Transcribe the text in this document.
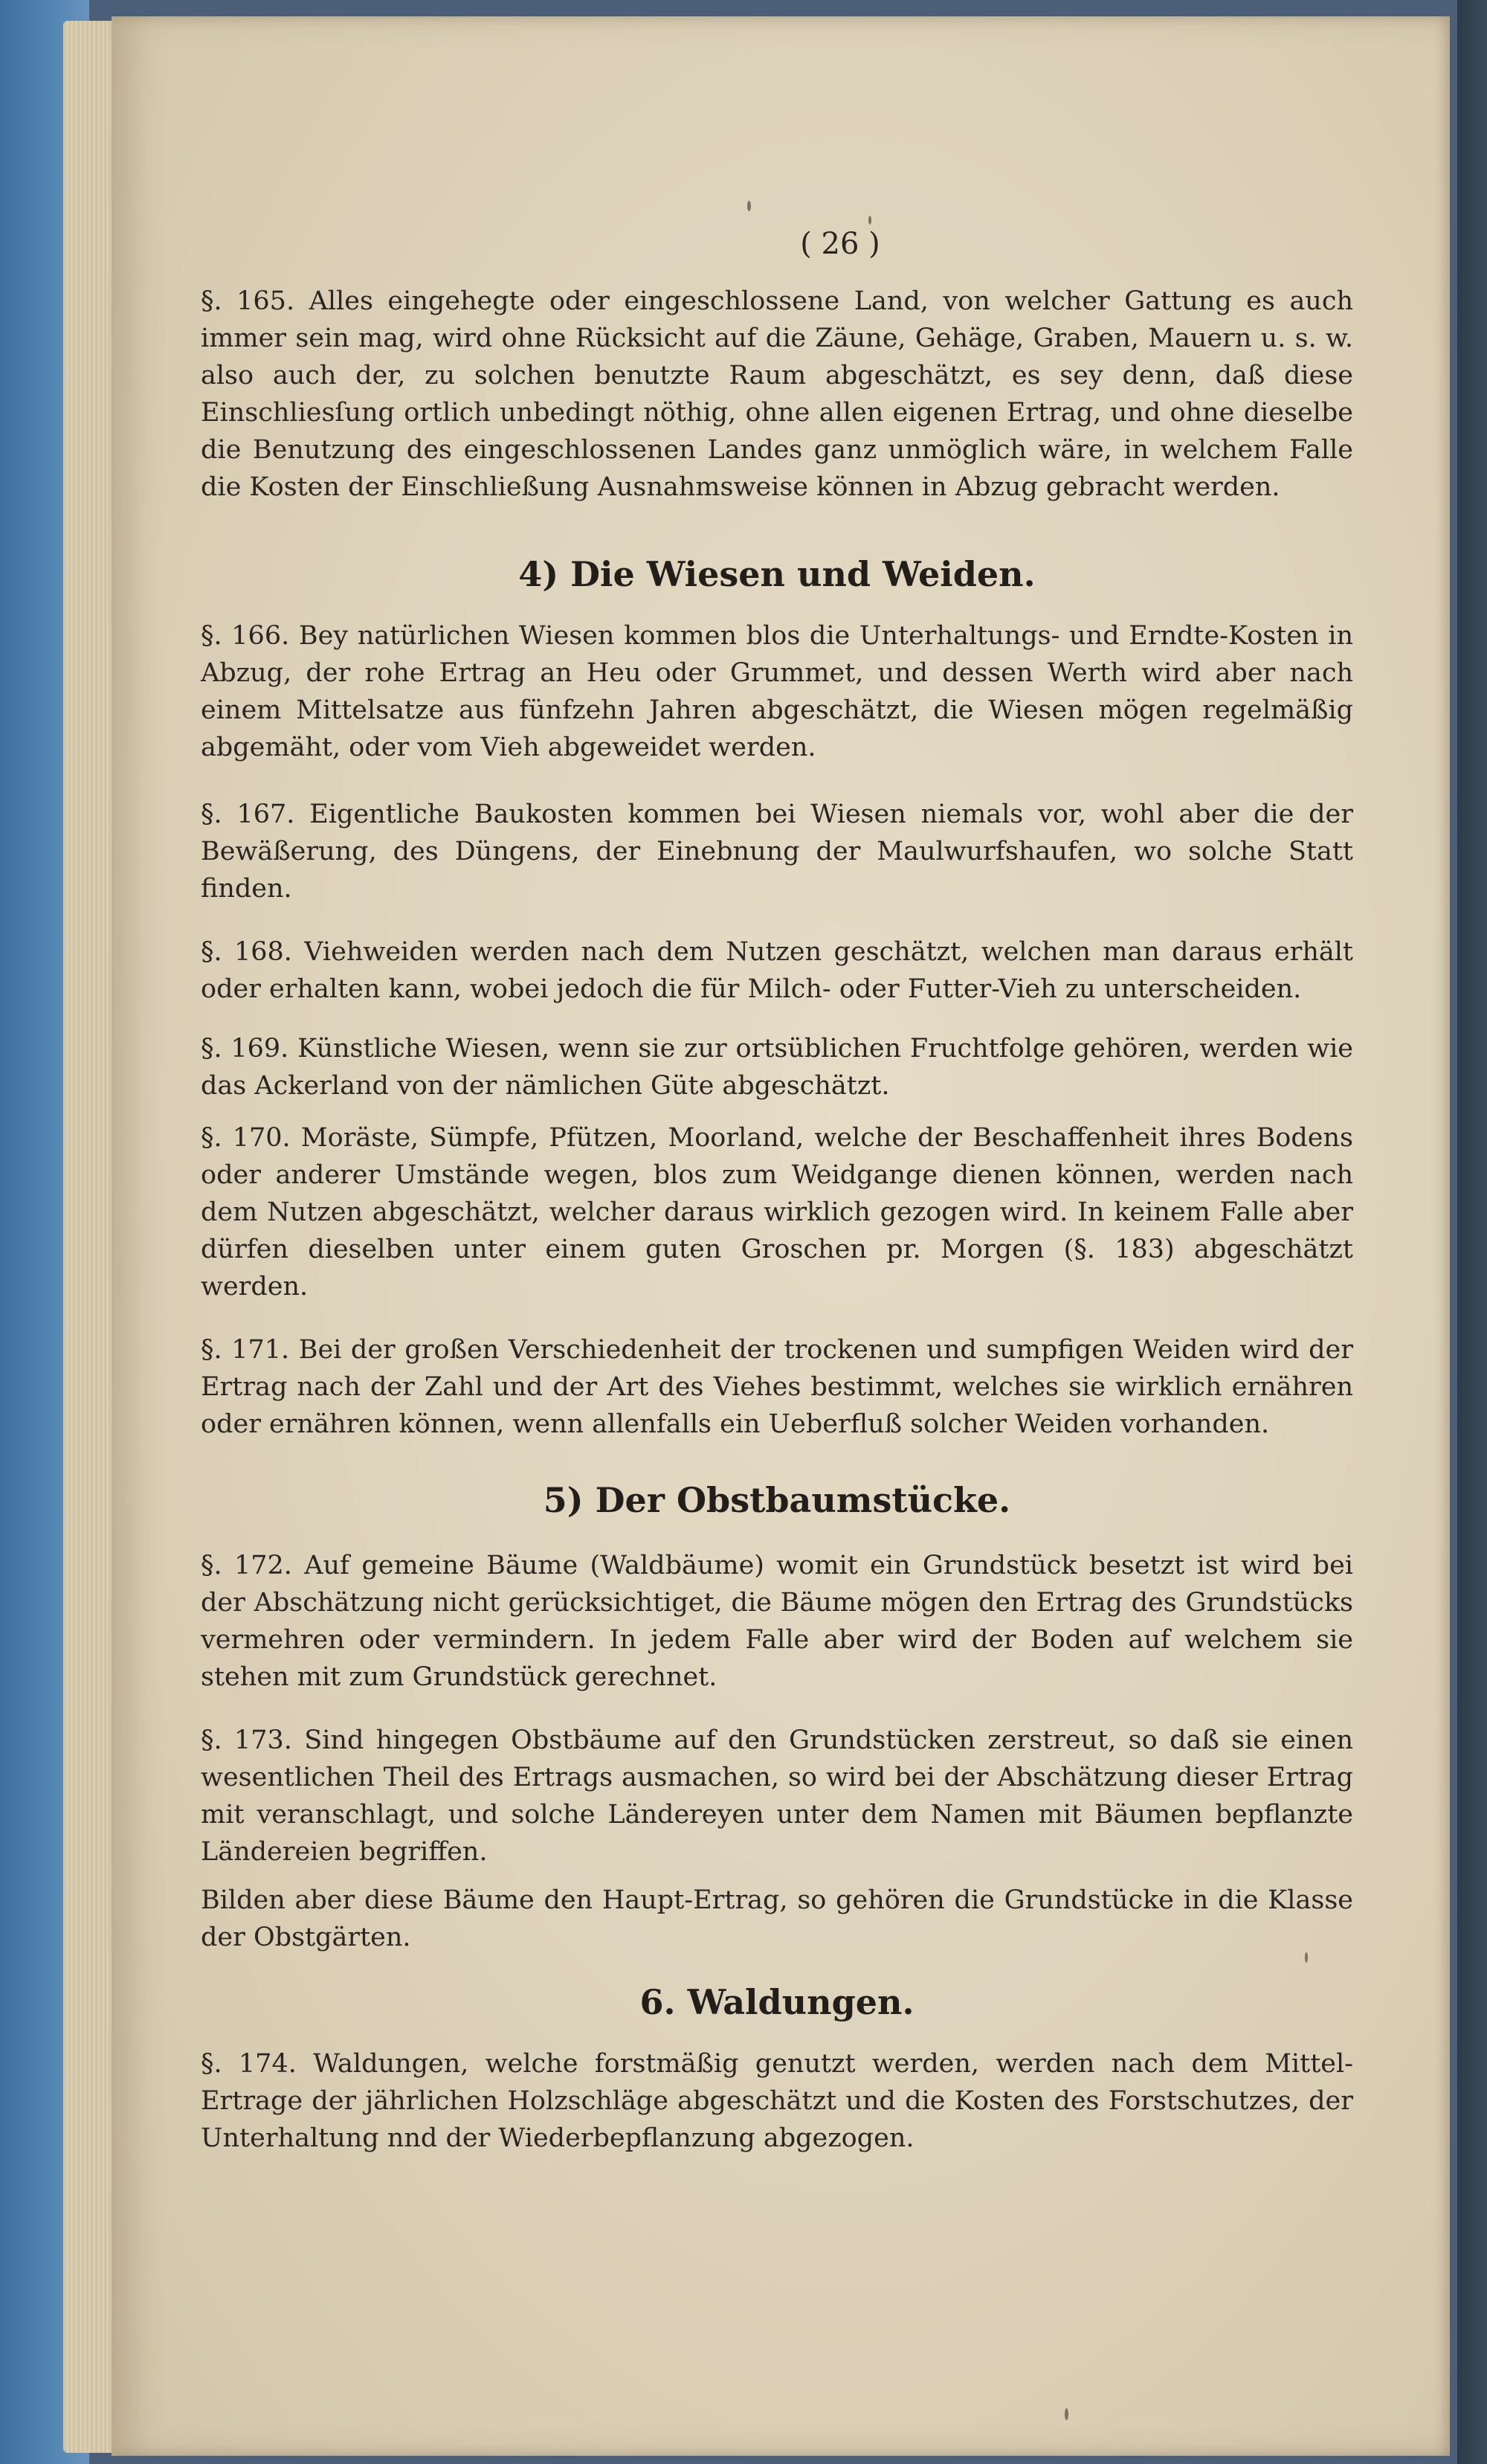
( 26 )

§. 165. Alles eingehegte oder eingeschlossene Land, von welcher Gattung es auch immer sein mag, wird ohne Rücksicht auf die Zäune, Gehäge, Graben, Mauern u. s. w. also auch der, zu solchen benutzte Raum abgeschätzt, es sey denn, daß diese Einschliesſung ortlich unbedingt nöthig, ohne allen eigenen Ertrag, und ohne dieselbe die Benutzung des eingeschlossenen Landes ganz unmöglich wäre, in welchem Falle die Kosten der Einschließung Ausnahmsweise können in Abzug gebracht werden.

4) Die Wiesen und Weiden.

§. 166. Bey natürlichen Wiesen kommen blos die Unterhaltungs- und Erndte-Kosten in Abzug, der rohe Ertrag an Heu oder Grummet, und dessen Werth wird aber nach einem Mittelsatze aus fünfzehn Jahren abgeschätzt, die Wiesen mögen regelmäßig abgemäht, oder vom Vieh abgeweidet werden.

§. 167. Eigentliche Baukosten kommen bei Wiesen niemals vor, wohl aber die der Bewäßerung, des Düngens, der Einebnung der Maulwurfshaufen, wo solche Statt finden.

§. 168. Viehweiden werden nach dem Nutzen geschätzt, welchen man daraus erhält oder erhalten kann, wobei jedoch die für Milch- oder Futter-Vieh zu unterscheiden.

§. 169. Künstliche Wiesen, wenn sie zur ortsüblichen Fruchtfolge gehören, werden wie das Ackerland von der nämlichen Güte abgeschätzt.

§. 170. Moräste, Sümpfe, Pfützen, Moorland, welche der Beschaffenheit ihres Bodens oder anderer Umstände wegen, blos zum Weidgange dienen können, werden nach dem Nutzen abgeschätzt, welcher daraus wirklich gezogen wird. In keinem Falle aber dürfen dieselben unter einem guten Groschen pr. Morgen (§. 183) abgeschätzt werden.

§. 171. Bei der großen Verschiedenheit der trockenen und sumpfigen Weiden wird der Ertrag nach der Zahl und der Art des Viehes bestimmt, welches sie wirklich ernähren oder ernähren können, wenn allenfalls ein Ueberfluß solcher Weiden vorhanden.

5) Der Obstbaumstücke.

§. 172. Auf gemeine Bäume (Waldbäume) womit ein Grundstück besetzt ist wird bei der Abschätzung nicht gerücksichtiget, die Bäume mögen den Ertrag des Grundstücks vermehren oder vermindern. In jedem Falle aber wird der Boden auf welchem sie stehen mit zum Grundstück gerechnet.

§. 173. Sind hingegen Obstbäume auf den Grundstücken zerstreut, so daß sie einen wesentlichen Theil des Ertrags ausmachen, so wird bei der Abschätzung dieser Ertrag mit veranschlagt, und solche Ländereyen unter dem Namen mit Bäumen bepflanzte Ländereien begriffen.

Bilden aber diese Bäume den Haupt-Ertrag, so gehören die Grundstücke in die Klasse der Obstgärten.

6. Waldungen.

§. 174. Waldungen, welche forstmäßig genutzt werden, werden nach dem Mittel-Ertrage der jährlichen Holzschläge abgeschätzt und die Kosten des Forstschutzes, der Unterhaltung nnd der Wiederbepflanzung abgezogen.
